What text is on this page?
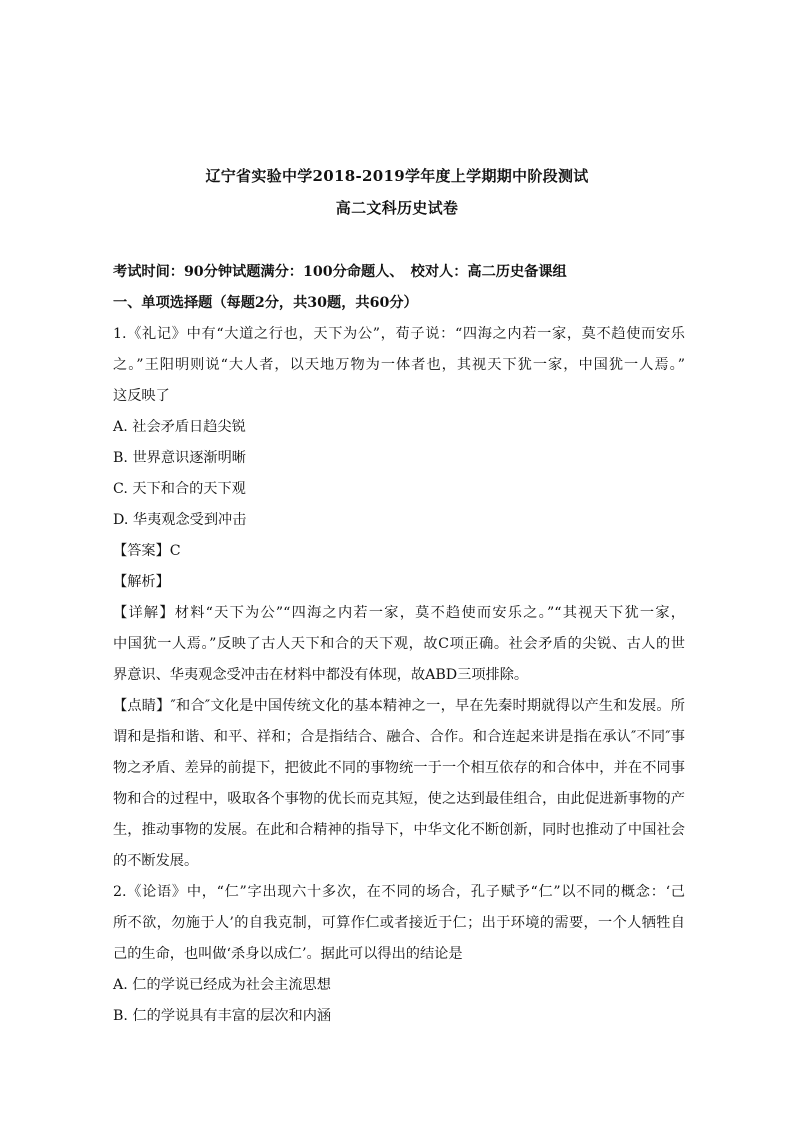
辽宁省实验中学2018-2019学年度上学期期中阶段测试
高二文科历史试卷
考试时间：90分钟试题满分：100分命题人、　校对人：高二历史备课组
一、单项选择题（每题2分，共30题，共60分）
1.《礼记》中有“大道之行也，天下为公”，荀子说：“四海之内若一家，莫不趋使而安乐
之。”王阳明则说“大人者，以天地万物为一体者也，其视天下犹一家，中国犹一人焉。”
这反映了
A. 社会矛盾日趋尖锐
B. 世界意识逐渐明晰
C. 天下和合的天下观
D. 华夷观念受到冲击
【答案】C
【解析】
【详解】材料“天下为公”“四海之内若一家，莫不趋使而安乐之。”“其视天下犹一家，
中国犹一人焉。”反映了古人天下和合的天下观，故C项正确。社会矛盾的尖锐、古人的世
界意识、华夷观念受冲击在材料中都没有体现，故ABD三项排除。
【点睛】″和合″文化是中国传统文化的基本精神之一，早在先秦时期就得以产生和发展。所
谓和是指和谐、和平、祥和；合是指结合、融合、合作。和合连起来讲是指在承认″不同″事
物之矛盾、差异的前提下，把彼此不同的事物统一于一个相互依存的和合体中，并在不同事
物和合的过程中，吸取各个事物的优长而克其短，使之达到最佳组合，由此促进新事物的产
生，推动事物的发展。在此和合精神的指导下，中华文化不断创新，同时也推动了中国社会
的不断发展。
2.《论语》中，“仁”字出现六十多次，在不同的场合，孔子赋予“仁”以不同的概念：‘己
所不欲，勿施于人’的自我克制，可算作仁或者接近于仁；出于环境的需要，一个人牺牲自
己的生命，也叫做‘杀身以成仁’。据此可以得出的结论是
A. 仁的学说已经成为社会主流思想
B. 仁的学说具有丰富的层次和内涵
